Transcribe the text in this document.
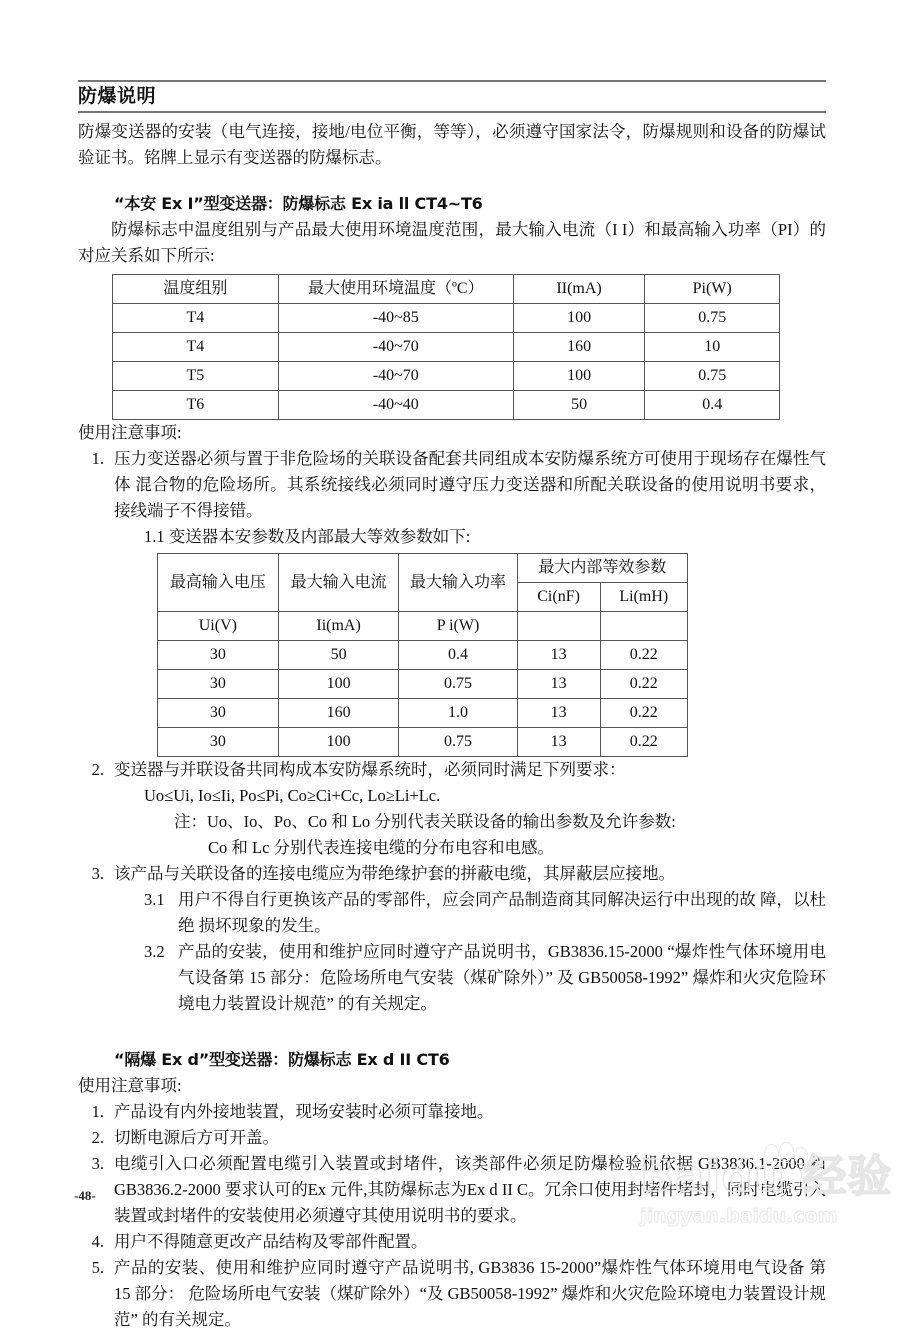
防爆说明

防爆变送器的安装（电气连接，接地/电位平衡，等等），必须遵守国家法令，防爆规则和设备的防爆试验证书。铭牌上显示有变送器的防爆标志。

“本安 Ex I”型变送器：防爆标志 Ex ia ll CT4~T6

防爆标志中温度组别与产品最大使用环境温度范围，最大输入电流（I I）和最高输入功率（PI）的对应关系如下所示:

温度组别	最大使用环境温度（ºC）	II(mA)	Pi(W)
T4	-40~85	100	0.75
T4	-40~70	160	10
T5	-40~70	100	0.75
T6	-40~40	50	0.4
使用注意事项:
1. 压力变送器必须与置于非危险场的关联设备配套共同组成本安防爆系统方可使用于现场存在爆性气体 混合物的危险场所。其系统接线必须同时遵守压力变送器和所配关联设备的使用说明书要求，接线端子不得接错。
1.1 变送器本安参数及内部最大等效参数如下:
最高输入电压	最大输入电流	最大输入功率	最大内部等效参数	
			Ci(nF)	Li(mH)
Ui(V)	Ii(mA)	P i(W)		
30	50	0.4	13	0.22
30	100	0.75	13	0.22
30	160	1.0	13	0.22
30	100	0.75	13	0.22
2. 变送器与并联设备共同构成本安防爆系统时，必须同时满足下列要求：
Uo≤Ui, Io≤Ii, Po≤Pi, Co≥Ci+Cc, Lo≥Li+Lc.
注：Uo、Io、Po、Co 和 Lo 分别代表关联设备的输出参数及允许参数:
Co 和 Lc 分别代表连接电缆的分布电容和电感。
3. 该产品与关联设备的连接电缆应为带绝缘护套的拼蔽电缆，其屏蔽层应接地。
3.1 用户不得自行更换该产品的零部件，应会同产品制造商其同解决运行中出现的故 障，以杜绝 损坏现象的发生。
3.2 产品的安装，使用和维护应同时遵守产品说明书，GB3836.15-2000 “爆炸性气体环境用电气设备第 15 部分：危险场所电气安装（煤矿除外）” 及 GB50058-1992” 爆炸和火灾危险环境电力装置设计规范” 的有关规定。
“隔爆 Ex d”型变送器：防爆标志 Ex d II CT6
使用注意事项:
1. 产品设有内外接地装置，现场安装时必须可靠接地。
2. 切断电源后方可开盖。
3. 电缆引入口必须配置电缆引入装置或封堵件，该类部件必须足防爆检验机依据 GB3836.1-2000 和 GB3836.2-2000 要求认可的Ex 元件,其防爆标志为Ex d II C。冗余口使用封堵件堵封，同时电缆引入装置或封堵件的安装使用必须遵守其使用说明书的要求。
4. 用户不得随意更改产品结构及零部件配置。
5. 产品的安装、使用和维护应同时遵守产品说明书, GB3836 15-2000”爆炸性气体环境用电气设备 第15 部分： 危险场所电气安装（煤矿除外）“及 GB50058-1992” 爆炸和火灾危险环境电力装置设计规范” 的有关规定。
-48-	Baidu 经验
jingyan.baidu.com
